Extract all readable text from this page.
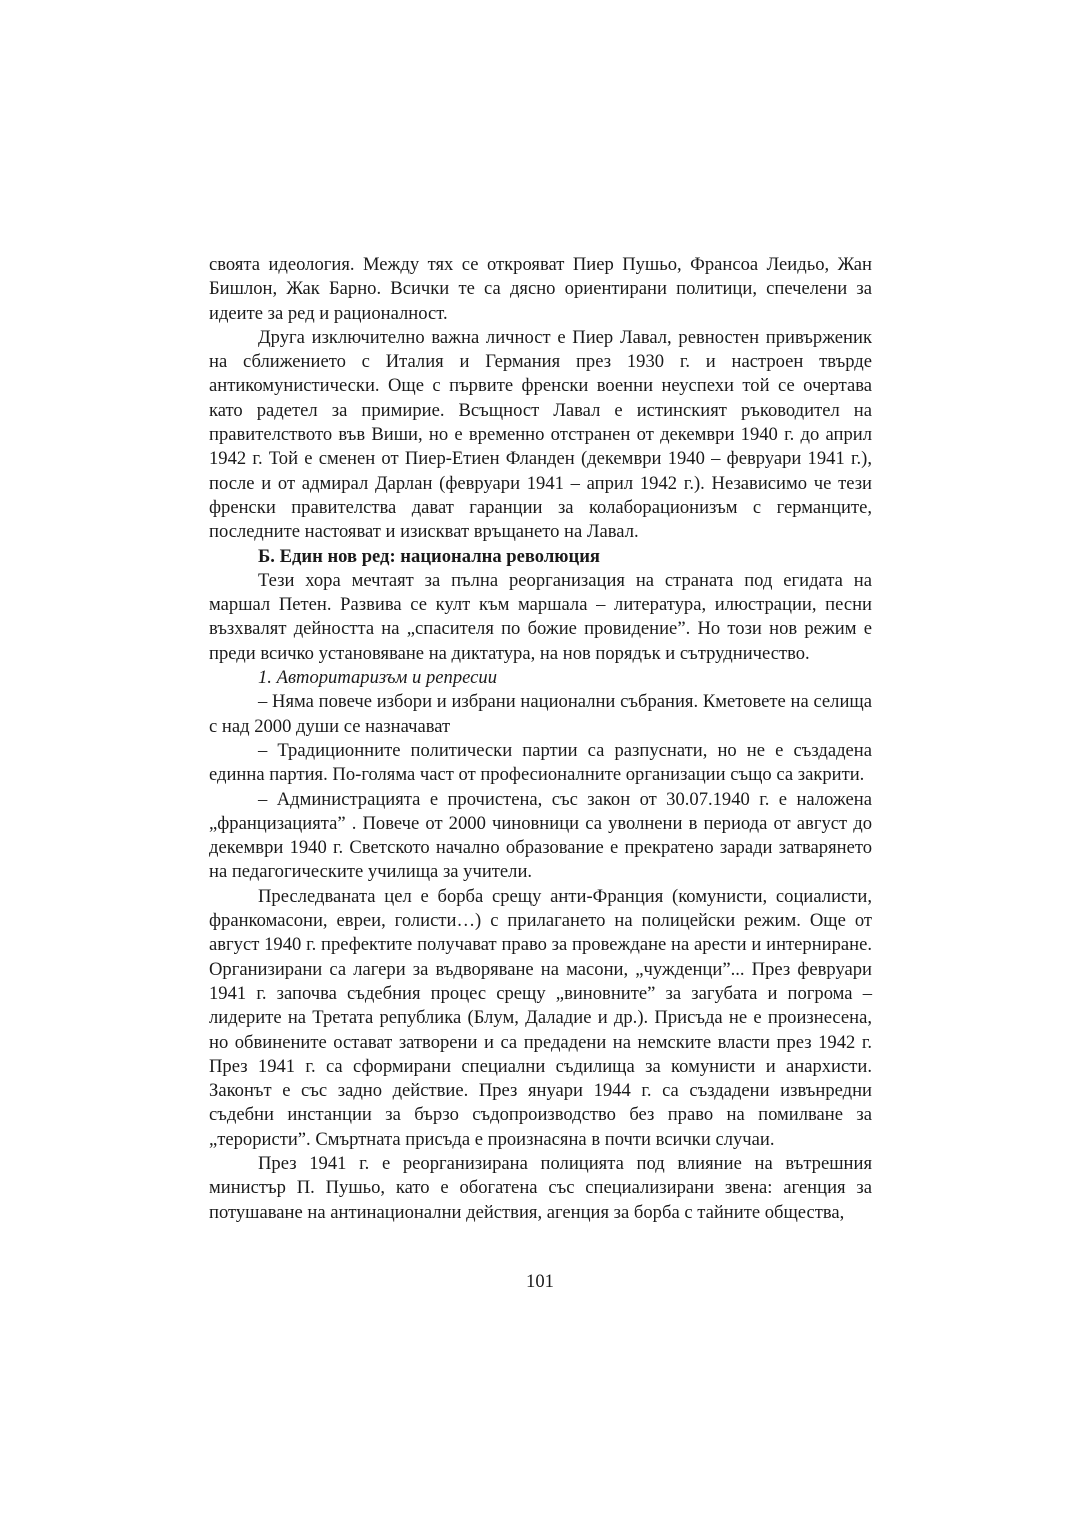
своята идеология. Между тях се открояват Пиер Пушьо, Франсоа Леидьо, Жан Бишлон, Жак Барно. Всички те са дясно ориентирани политици, спечелени за идеите за ред и рационалност.

Друга изключително важна личност е Пиер Лавал, ревностен привърженик на сближението с Италия и Германия през 1930 г. и настроен твърде антикомунистически. Още с първите френски военни неуспехи той се очертава като радетел за примирие. Всъщност Лавал е истинският ръководител на правителството във Виши, но е временно отстранен от декември 1940 г. до април 1942 г. Той е сменен от Пиер-Етиен Фланден (декември 1940 – февруари 1941 г.), после и от адмирал Дарлан (февруари 1941 – април 1942 г.). Независимо че тези френски правителства дават гаранции за колаборационизъм с германците, последните настояват и изискват връщането на Лавал.

Б. Един нов ред: национална революция

Тези хора мечтаят за пълна реорганизация на страната под егидата на маршал Петен. Развива се култ към маршала – литература, илюстрации, песни възхвалят дейността на „спасителя по божие провидение”. Но този нов режим е преди всичко установяване на диктатура, на нов порядък и сътрудничество.

1. Авторитаризъм и репресии

– Няма повече избори и избрани национални събрания. Кметовете на селища с над 2000 души се назначават

– Традиционните политически партии са разпуснати, но не е създадена единна партия. По-голяма част от професионалните организации също са закрити.

– Администрацията е прочистена, със закон от 30.07.1940 г. е наложена „францизацията” . Повече от 2000 чиновници са уволнени в периода от август до декември 1940 г. Светското начално образование е прекратено заради затварянето на педагогическите училища за учители.

Преследваната цел е борба срещу анти-Франция (комунисти, социалисти, франкомасони, евреи, голисти…) с прилагането на полицейски режим. Още от август 1940 г. префектите получават право за провеждане на арести и интерниране. Организирани са лагери за въдворяване на масони, „чужденци”... През февруари 1941 г. започва съдебния процес срещу „виновните” за загубата и погрома – лидерите на Третата република (Блум, Даладие и др.). Присъда не е произнесена, но обвинените остават затворени и са предадени на немските власти през 1942 г. През 1941 г. са сформирани специални съдилища за комунисти и анархисти. Законът е със задно действие. През януари 1944 г. са създадени извънредни съдебни инстанции за бързо съдопроизводство без право на помилване за „терористи”. Смъртната присъда е произнасяна в почти всички случаи.

През 1941 г. е реорганизирана полицията под влияние на вътрешния министър П. Пушьо, като е обогатена със специализирани звена: агенция за потушаване на антинационални действия, агенция за борба с тайните общества,

101
